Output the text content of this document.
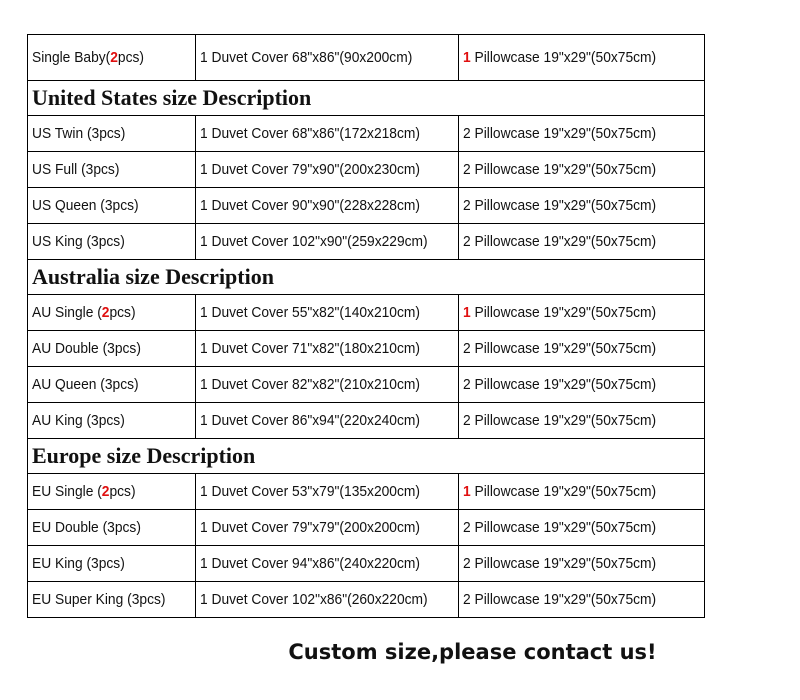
Single Baby(2pcs)	1 Duvet Cover 68"x86"(90x200cm)	1 Pillowcase 19"x29"(50x75cm)
United States size Description		
US Twin (3pcs)	1 Duvet Cover 68"x86"(172x218cm)	2 Pillowcase 19"x29"(50x75cm)
US Full (3pcs)	1 Duvet Cover 79"x90"(200x230cm)	2 Pillowcase 19"x29"(50x75cm)
US Queen (3pcs)	1 Duvet Cover 90"x90"(228x228cm)	2 Pillowcase 19"x29"(50x75cm)
US King (3pcs)	1 Duvet Cover 102"x90"(259x229cm)	2 Pillowcase 19"x29"(50x75cm)
Australia size Description		
AU Single (2pcs)	1 Duvet Cover 55"x82"(140x210cm)	1 Pillowcase 19"x29"(50x75cm)
AU Double (3pcs)	1 Duvet Cover 71"x82"(180x210cm)	2 Pillowcase 19"x29"(50x75cm)
AU Queen (3pcs)	1 Duvet Cover 82"x82"(210x210cm)	2 Pillowcase 19"x29"(50x75cm)
AU King (3pcs)	1 Duvet Cover 86"x94"(220x240cm)	2 Pillowcase 19"x29"(50x75cm)
Europe size Description		
EU Single (2pcs)	1 Duvet Cover 53"x79"(135x200cm)	1 Pillowcase 19"x29"(50x75cm)
EU Double (3pcs)	1 Duvet Cover 79"x79"(200x200cm)	2 Pillowcase 19"x29"(50x75cm)
EU King (3pcs)	1 Duvet Cover 94"x86"(240x220cm)	2 Pillowcase 19"x29"(50x75cm)
EU Super King (3pcs)	1 Duvet Cover 102"x86"(260x220cm)	2 Pillowcase 19"x29"(50x75cm)
Custom size,please contact us!
